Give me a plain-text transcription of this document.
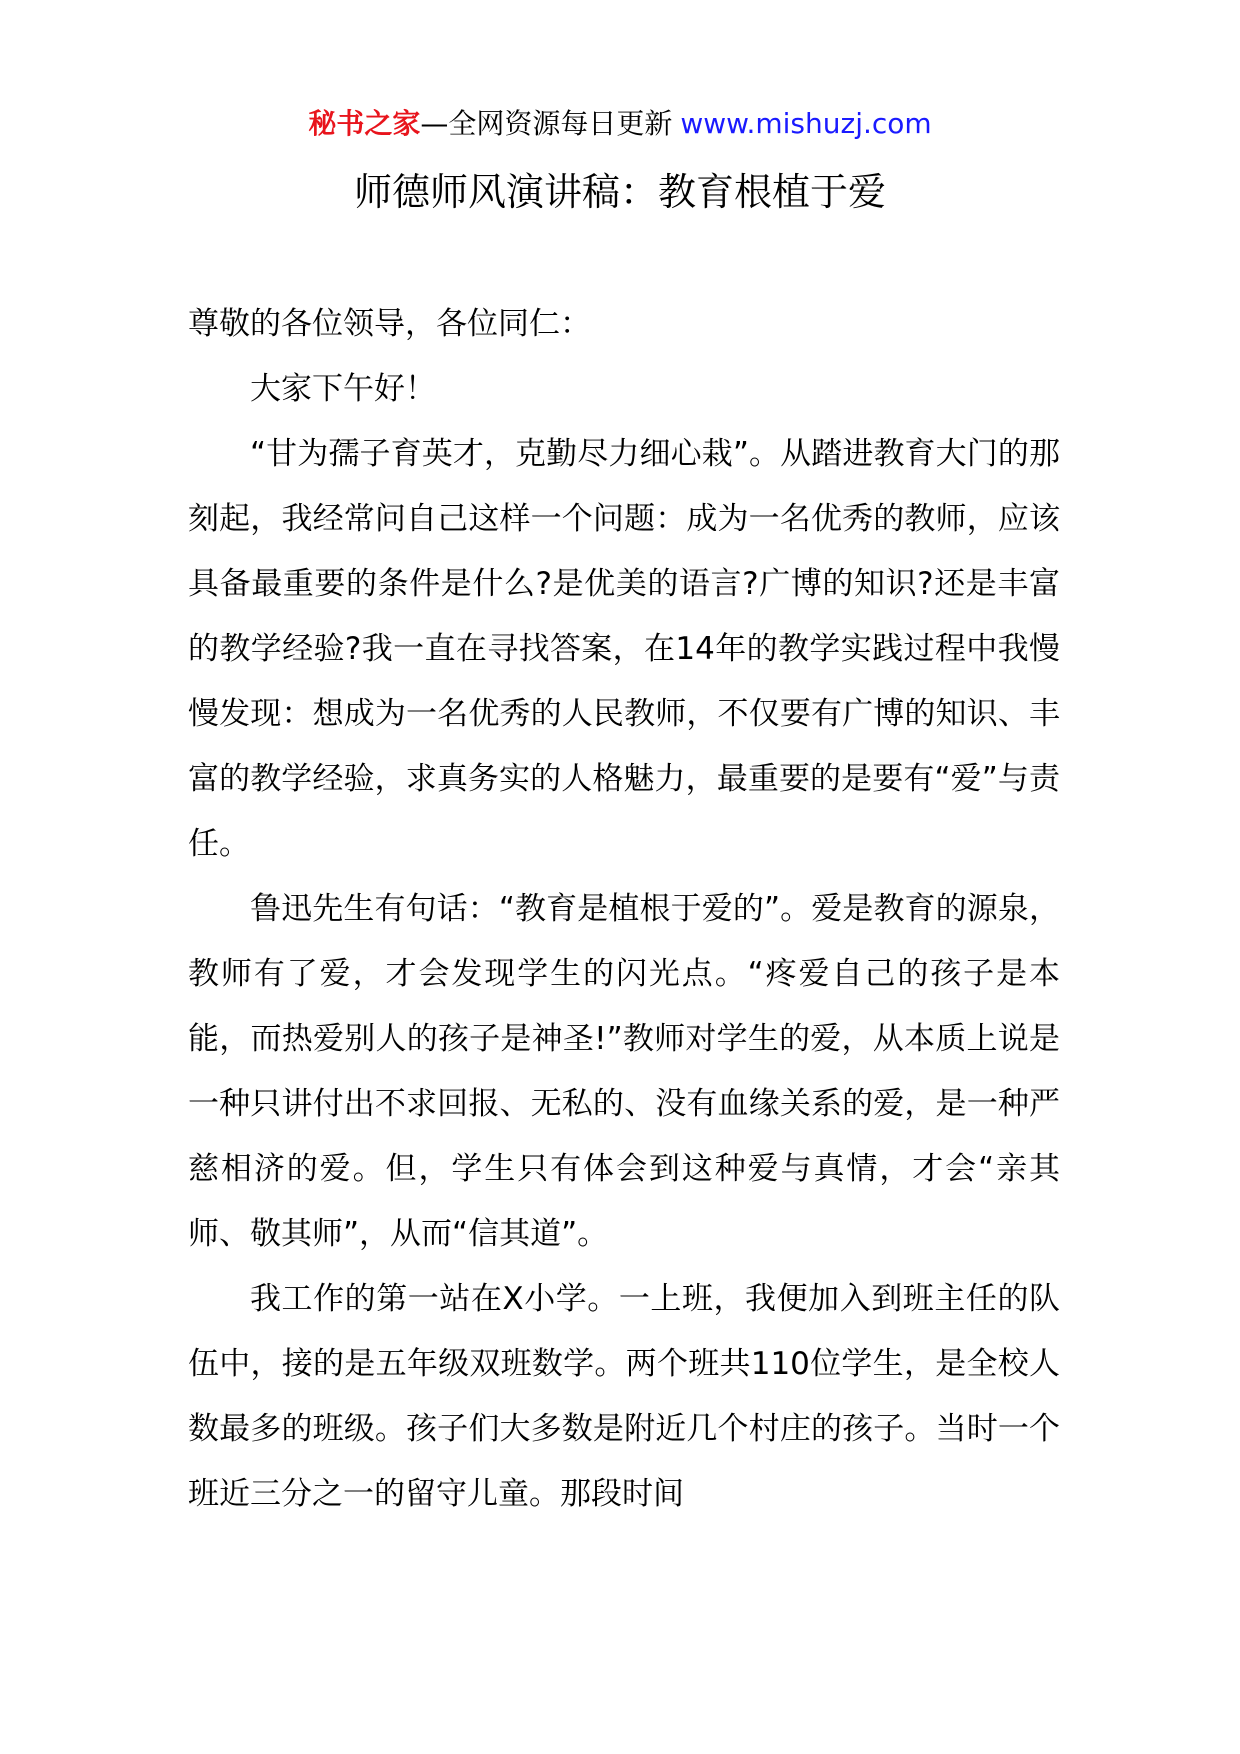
秘书之家—全网资源每日更新 www.mishuzj.com
师德师风演讲稿：教育根植于爱

尊敬的各位领导，各位同仁：

大家下午好！

“甘为孺子育英才，克勤尽力细心栽”。从踏进教育大门的那刻起，我经常问自己这样一个问题：成为一名优秀的教师，应该具备最重要的条件是什么?是优美的语言?广博的知识?还是丰富的教学经验?我一直在寻找答案，在14年的教学实践过程中我慢慢发现：想成为一名优秀的人民教师，不仅要有广博的知识、丰富的教学经验，求真务实的人格魅力，最重要的是要有“爱”与责任。

鲁迅先生有句话：“教育是植根于爱的”。爱是教育的源泉，教师有了爱，才会发现学生的闪光点。“疼爱自己的孩子是本能，而热爱别人的孩子是神圣!”教师对学生的爱，从本质上说是一种只讲付出不求回报、无私的、没有血缘关系的爱，是一种严慈相济的爱。但，学生只有体会到这种爱与真情，才会“亲其师、敬其师”，从而“信其道”。

我工作的第一站在X小学。一上班，我便加入到班主任的队伍中，接的是五年级双班数学。两个班共110位学生，是全校人数最多的班级。孩子们大多数是附近几个村庄的孩子。当时一个班近三分之一的留守儿童。那段时间
